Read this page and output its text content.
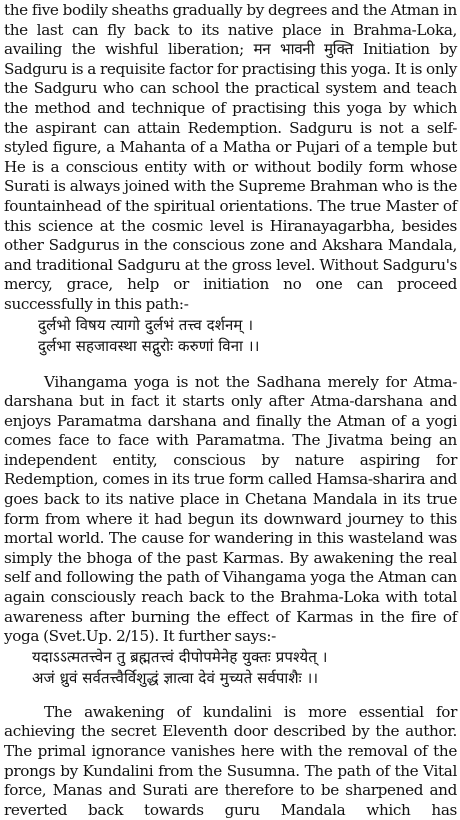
the five bodily sheaths gradually by degrees and the Atman in the last can fly back to its native place in Brahma-Loka, availing the wishful liberation; मन भावनी मुक्ति Initiation by Sadguru is a requisite factor for practising this yoga. It is only the Sadguru who can school the practical system and teach the method and technique of practising this yoga by which the aspirant can attain Redemption. Sadguru is not a self-styled figure, a Mahanta of a Matha or Pujari of a temple but He is a conscious entity with or without bodily form whose Surati is always joined with the Supreme Brahman who is the fountainhead of the spiritual orientations. The true Master of this science at the cosmic level is Hiranayagarbha, besides other Sadgurus in the conscious zone and Akshara Mandala, and traditional Sadguru at the gross level. Without Sadguru's mercy, grace, help or initiation no one can proceed successfully in this path:-

दुर्लभो विषय त्यागो दुर्लभं तत्त्व दर्शनम् ।

दुर्लभा सहजावस्था सद्गुरोः करुणां विना ।।

Vihangama yoga is not the Sadhana merely for Atma-darshana but in fact it starts only after Atma-darshana and enjoys Paramatma darshana and finally the Atman of a yogi comes face to face with Paramatma. The Jivatma being an independent entity, conscious by nature aspiring for Redemption, comes in its true form called Hamsa-sharira and goes back to its native place in Chetana Mandala in its true form from where it had begun its downward journey to this mortal world. The cause for wandering in this wasteland was simply the bhoga of the past Karmas. By awakening the real self and following the path of Vihangama yoga the Atman can again consciously reach back to the Brahma-Loka with total awareness after burning the effect of Karmas in the fire of yoga (Svet.Up. 2/15). It further says:-

यदाऽऽत्मतत्त्वेन तु ब्रह्मतत्त्वं दीपोपमेनेह युक्तः प्रपश्येत् ।

अजं ध्रुवं सर्वतत्त्वैर्विशुद्धं ज्ञात्वा देवं मुच्यते सर्वपाशैः ।।

The awakening of kundalini is more essential for achieving the secret Eleventh door described by the author. The primal ignorance vanishes here with the removal of the prongs by Kundalini from the Susumna. The path of the Vital force, Manas and Surati are therefore to be sharpened and reverted back towards guru Mandala which has
